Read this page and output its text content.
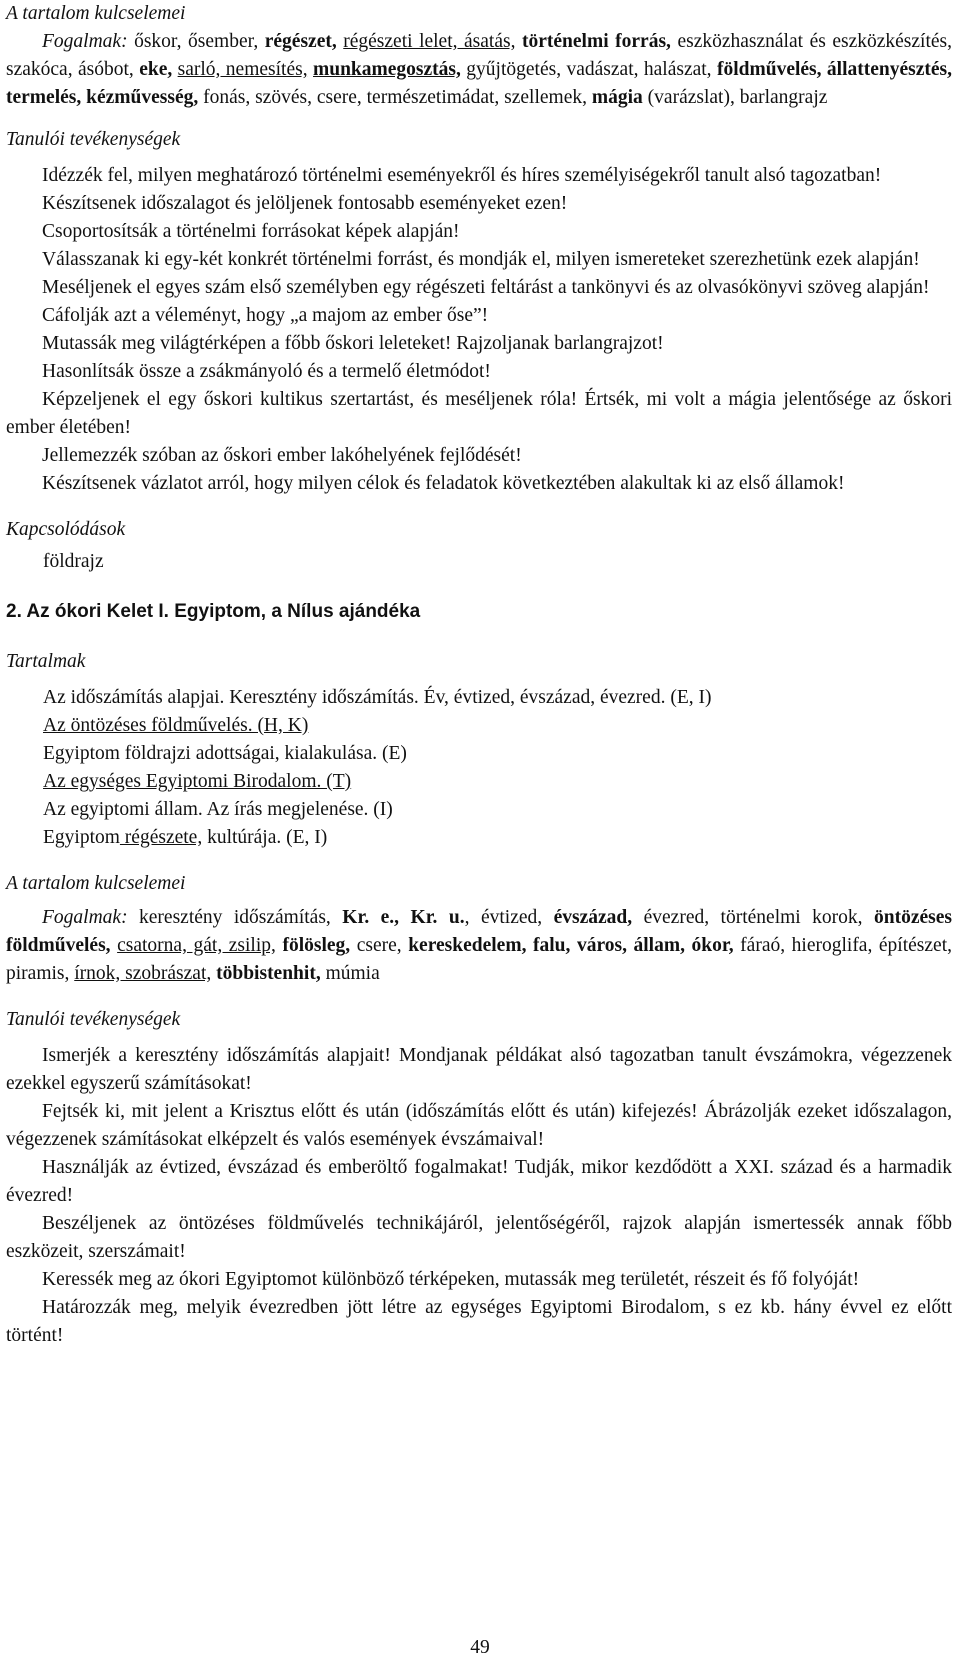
A tartalom kulcselemei

Fogalmak: őskor, ősember, régészet, régészeti lelet, ásatás, történelmi forrás, eszközhasználat és eszközkészítés, szakóca, ásóbot, eke, sarló, nemesítés, munkamegosztás, gyűjtögetés, vadászat, halászat, földművelés, állattenyésztés, termelés, kézművesség, fonás, szövés, csere, természetimádat, szellemek, mágia (varázslat), barlangrajz

Tanulói tevékenységek

Idézzék fel, milyen meghatározó történelmi eseményekről és híres személyiségekről tanult alsó tagozatban!

Készítsenek időszalagot és jelöljenek fontosabb eseményeket ezen!

Csoportosítsák a történelmi forrásokat képek alapján!

Válasszanak ki egy-két konkrét történelmi forrást, és mondják el, milyen ismereteket szerezhetünk ezek alapján!

Meséljenek el egyes szám első személyben egy régészeti feltárást a tankönyvi és az olvasókönyvi szöveg alapján!

Cáfolják azt a véleményt, hogy „a majom az ember őse”!

Mutassák meg világtérképen a főbb őskori leleteket! Rajzoljanak barlangrajzot!

Hasonlítsák össze a zsákmányoló és a termelő életmódot!

Képzeljenek el egy őskori kultikus szertartást, és meséljenek róla! Értsék, mi volt a mágia jelentősége az őskori ember életében!

Jellemezzék szóban az őskori ember lakóhelyének fejlődését!

Készítsenek vázlatot arról, hogy milyen célok és feladatok következtében alakultak ki az első államok!

Kapcsolódások

földrajz

2. Az ókori Kelet I. Egyiptom, a Nílus ajándéka

Tartalmak

Az időszámítás alapjai. Keresztény időszámítás. Év, évtized, évszázad, évezred. (E, I)

Az öntözéses földművelés. (H, K)

Egyiptom földrajzi adottságai, kialakulása. (E)

Az egységes Egyiptomi Birodalom. (T)

Az egyiptomi állam. Az írás megjelenése. (I)

Egyiptom régészete, kultúrája. (E, I)

A tartalom kulcselemei

Fogalmak: keresztény időszámítás, Kr. e., Kr. u., évtized, évszázad, évezred, történelmi korok, öntözéses földművelés, csatorna, gát, zsilip, fölösleg, csere, kereskedelem, falu, város, állam, ókor, fáraó, hieroglifa, építészet, piramis, írnok, szobrászat, többistenhit, múmia

Tanulói tevékenységek

Ismerjék a keresztény időszámítás alapjait! Mondjanak példákat alsó tagozatban tanult évszámokra, végezzenek ezekkel egyszerű számításokat!

Fejtsék ki, mit jelent a Krisztus előtt és után (időszámítás előtt és után) kifejezés! Ábrázolják ezeket időszalagon, végezzenek számításokat elképzelt és valós események évszámaival!

Használják az évtized, évszázad és emberöltő fogalmakat! Tudják, mikor kezdődött a XXI. század és a harmadik évezred!

Beszéljenek az öntözéses földművelés technikájáról, jelentőségéről, rajzok alapján ismertessék annak főbb eszközeit, szerszámait!

Keressék meg az ókori Egyiptomot különböző térképeken, mutassák meg területét, részeit és fő folyóját!

Határozzák meg, melyik évezredben jött létre az egységes Egyiptomi Birodalom, s ez kb. hány évvel ez előtt történt!

49
